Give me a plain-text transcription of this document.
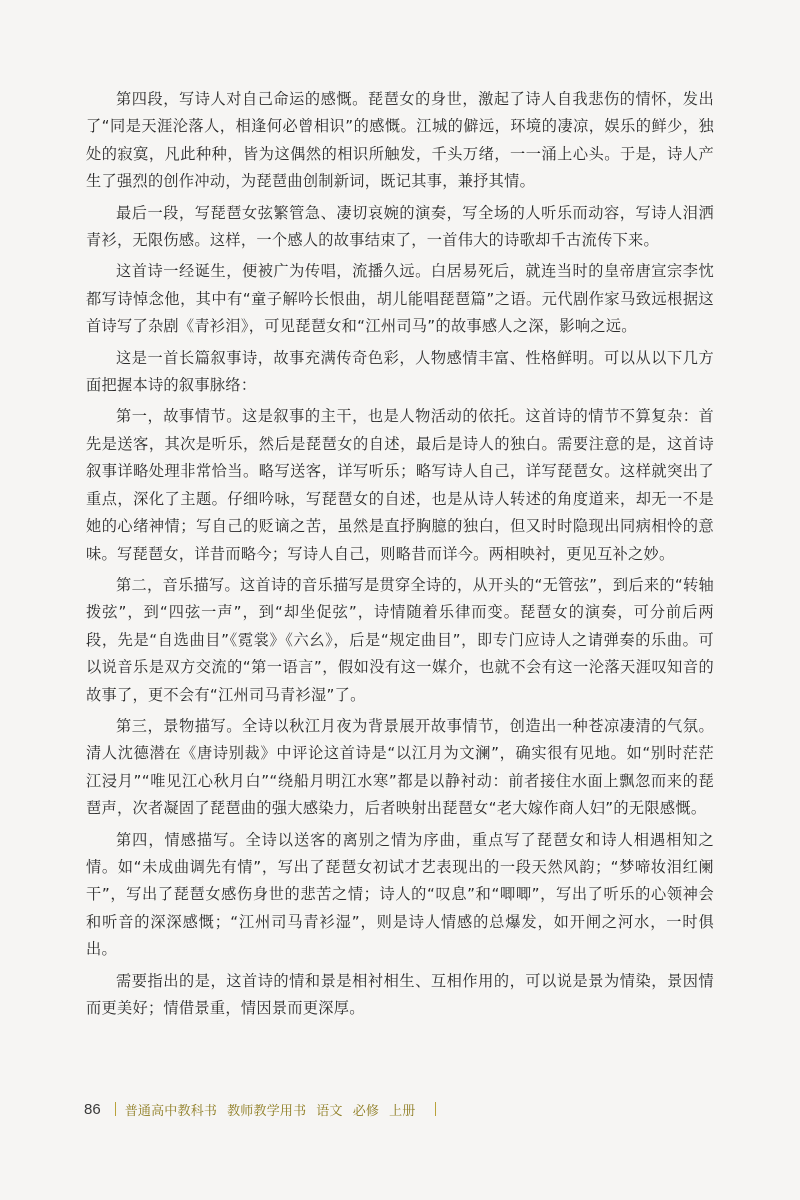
第四段，写诗人对自己命运的感慨。琵琶女的身世，激起了诗人自我悲伤的情怀，发出了“同是天涯沦落人，相逢何必曾相识”的感慨。江城的僻远，环境的凄凉，娱乐的鲜少，独处的寂寞，凡此种种，皆为这偶然的相识所触发，千头万绪，一一涌上心头。于是，诗人产生了强烈的创作冲动，为琵琶曲创制新词，既记其事，兼抒其情。

最后一段，写琵琶女弦繁管急、凄切哀婉的演奏，写全场的人听乐而动容，写诗人泪洒青衫，无限伤感。这样，一个感人的故事结束了，一首伟大的诗歌却千古流传下来。

这首诗一经诞生，便被广为传唱，流播久远。白居易死后，就连当时的皇帝唐宣宗李忱都写诗悼念他，其中有“童子解吟长恨曲，胡儿能唱琵琶篇”之语。元代剧作家马致远根据这首诗写了杂剧《青衫泪》，可见琵琶女和“江州司马”的故事感人之深，影响之远。

这是一首长篇叙事诗，故事充满传奇色彩，人物感情丰富、性格鲜明。可以从以下几方面把握本诗的叙事脉络：

第一，故事情节。这是叙事的主干，也是人物活动的依托。这首诗的情节不算复杂：首先是送客，其次是听乐，然后是琵琶女的自述，最后是诗人的独白。需要注意的是，这首诗叙事详略处理非常恰当。略写送客，详写听乐；略写诗人自己，详写琵琶女。这样就突出了重点，深化了主题。仔细吟咏，写琵琶女的自述，也是从诗人转述的角度道来，却无一不是她的心绪神情；写自己的贬谪之苦，虽然是直抒胸臆的独白，但又时时隐现出同病相怜的意味。写琵琶女，详昔而略今；写诗人自己，则略昔而详今。两相映衬，更见互补之妙。

第二，音乐描写。这首诗的音乐描写是贯穿全诗的，从开头的“无管弦”，到后来的“转轴拨弦”，到“四弦一声”，到“却坐促弦”，诗情随着乐律而变。琵琶女的演奏，可分前后两段，先是“自选曲目”《霓裳》《六幺》，后是“规定曲目”，即专门应诗人之请弹奏的乐曲。可以说音乐是双方交流的“第一语言”，假如没有这一媒介，也就不会有这一沦落天涯叹知音的故事了，更不会有“江州司马青衫湿”了。

第三，景物描写。全诗以秋江月夜为背景展开故事情节，创造出一种苍凉凄清的气氛。清人沈德潜在《唐诗别裁》中评论这首诗是“以江月为文澜”，确实很有见地。如“别时茫茫江浸月”“唯见江心秋月白”“绕船月明江水寒”都是以静衬动：前者接住水面上飘忽而来的琵琶声，次者凝固了琵琶曲的强大感染力，后者映射出琵琶女“老大嫁作商人妇”的无限感慨。

第四，情感描写。全诗以送客的离别之情为序曲，重点写了琵琶女和诗人相遇相知之情。如“未成曲调先有情”，写出了琵琶女初试才艺表现出的一段天然风韵；“梦啼妆泪红阑干”，写出了琵琶女感伤身世的悲苦之情；诗人的“叹息”和“唧唧”，写出了听乐的心领神会和听音的深深感慨；“江州司马青衫湿”，则是诗人情感的总爆发，如开闸之河水，一时俱出。

需要指出的是，这首诗的情和景是相衬相生、互相作用的，可以说是景为情染，景因情而更美好；情借景重，情因景而更深厚。

86 普通高中教科书 教师教学用书 语文 必修 上册
